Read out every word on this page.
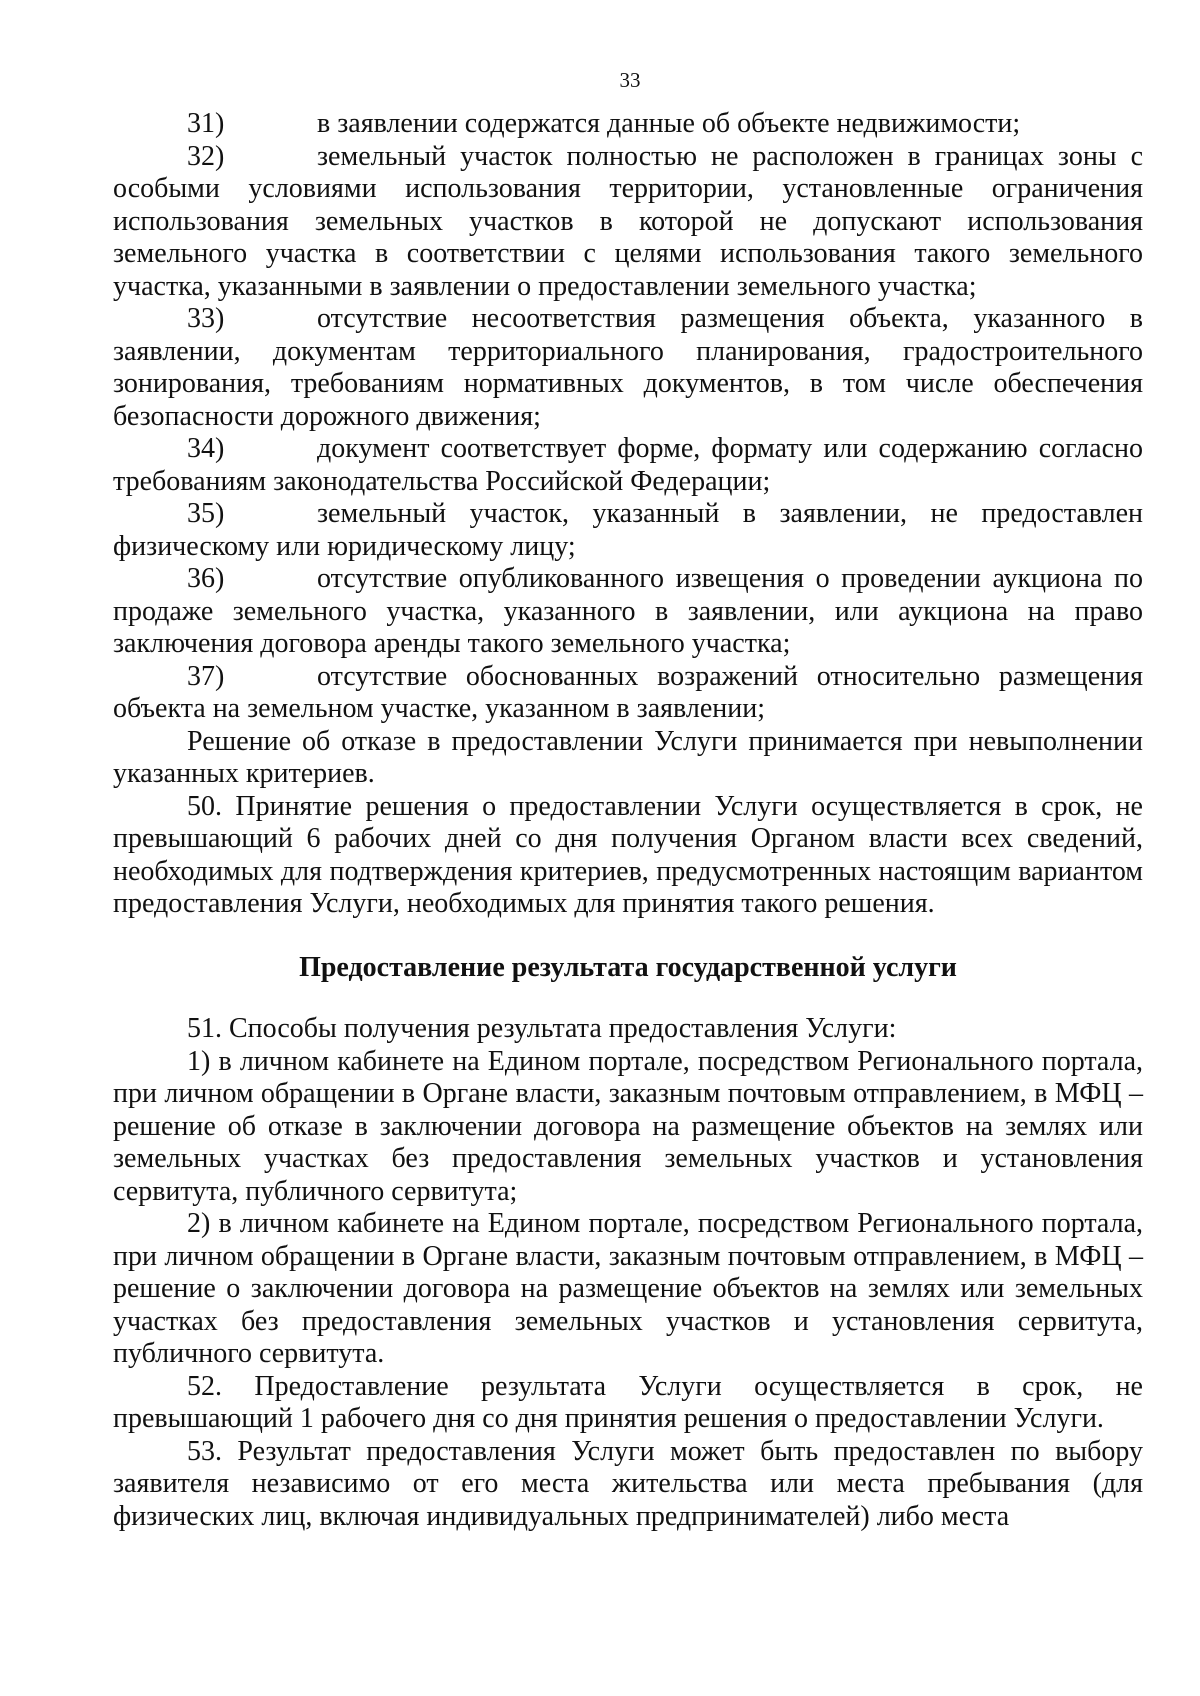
33

31)	в заявлении содержатся данные об объекте недвижимости;

32)	земельный участок полностью не расположен в границах зоны с особыми условиями использования территории, установленные ограничения использования земельных участков в которой не допускают использования земельного участка в соответствии с целями использования такого земельного участка, указанными в заявлении о предоставлении земельного участка;

33)	отсутствие несоответствия размещения объекта, указанного в заявлении, документам территориального планирования, градостроительного зонирования, требованиям нормативных документов, в том числе обеспечения безопасности дорожного движения;

34)	документ соответствует форме, формату или содержанию согласно требованиям законодательства Российской Федерации;

35)	земельный участок, указанный в заявлении, не предоставлен физическому или юридическому лицу;

36)	отсутствие опубликованного извещения о проведении аукциона по продаже земельного участка, указанного в заявлении, или аукциона на право заключения договора аренды такого земельного участка;

37)	отсутствие обоснованных возражений относительно размещения объекта на земельном участке, указанном в заявлении;

Решение об отказе в предоставлении Услуги принимается при невыполнении указанных критериев.

50. Принятие решения о предоставлении Услуги осуществляется в срок, не превышающий 6 рабочих дней со дня получения Органом власти всех сведений, необходимых для подтверждения критериев, предусмотренных настоящим вариантом предоставления Услуги, необходимых для принятия такого решения.

Предоставление результата государственной услуги

51. Способы получения результата предоставления Услуги:

1) в личном кабинете на Едином портале, посредством Регионального портала, при личном обращении в Органе власти, заказным почтовым отправлением, в МФЦ – решение об отказе в заключении договора на размещение объектов на землях или земельных участках без предоставления земельных участков и установления сервитута, публичного сервитута;

2) в личном кабинете на Едином портале, посредством Регионального портала, при личном обращении в Органе власти, заказным почтовым отправлением, в МФЦ – решение о заключении договора на размещение объектов на землях или земельных участках без предоставления земельных участков и установления сервитута, публичного сервитута.

52. Предоставление результата Услуги осуществляется в срок, не превышающий 1 рабочего дня со дня принятия решения о предоставлении Услуги.

53. Результат предоставления Услуги может быть предоставлен по выбору заявителя независимо от его места жительства или места пребывания (для физических лиц, включая индивидуальных предпринимателей) либо места
